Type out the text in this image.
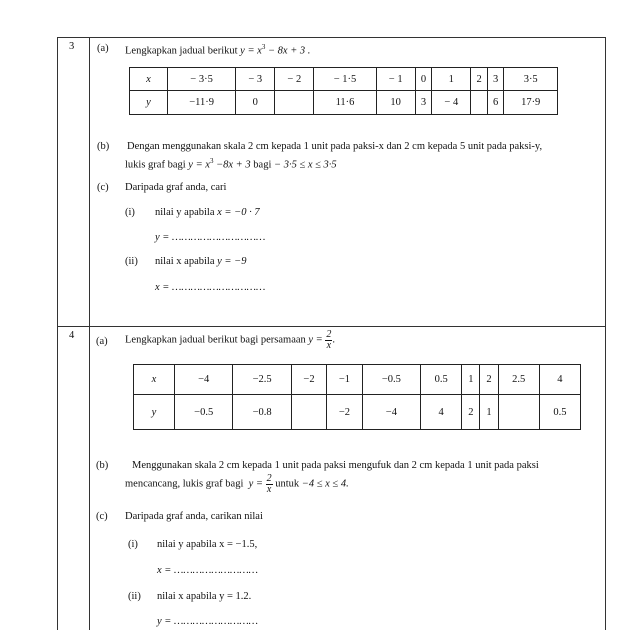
3 (a) Lengkapkan jadual berikut $y = x^3 - 8x + 3$ .
x	− 3·5	− 3	− 2	− 1·5	− 1	0	1	2	3	3·5
y	−11·9	0		11·6	10	3	− 4		6	17·9
(b) Dengan menggunakan skala 2 cm kepada 1 unit pada paksi-x dan 2 cm kepada 5 unit pada paksi-y,
lukis graf bagi $y = x^3 -8x + 3$ bagi − 3·5 ≤ x ≤ 3·5
(c) Daripada graf anda, cari
(i) nilai y apabila x = −0 · 7
y = …………………………
(ii) nilai x apabila y = −9
x = …………………………
4
(a) Lengkapkan jadual berikut bagi persamaan $y = \frac{2}{x}$ .
x	−4	−2.5	−2	−1	−0.5	0.5	1	2	2.5	4
y	−0.5	−0.8		−2	−4	4	2	1		0.5
(b) Menggunakan skala 2 cm kepada 1 unit pada paksi mengufuk dan 2 cm kepada 1 unit pada paksi
mencancang, lukis graf bagi $y = \frac{2}{x}$ untuk −4 ≤ x ≤ 4.
(c) Daripada graf anda, carikan nilai
(i) nilai y apabila x = −1.5,
x = ………………………
(ii) nilai x apabila y = 1.2.
y = ………………………
